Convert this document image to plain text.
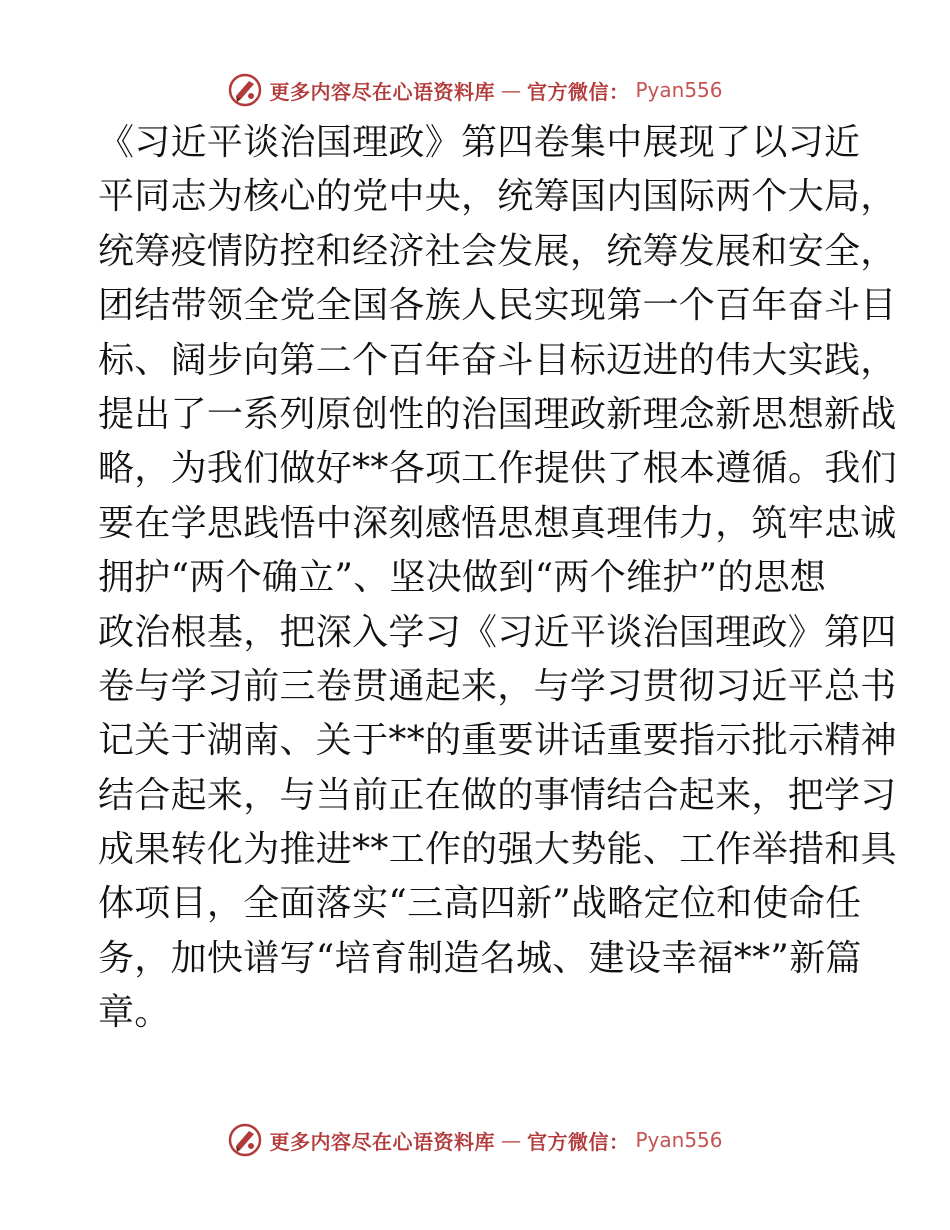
更多内容尽在心语资料库 — 官方微信： Pyan556
《习近平谈治国理政》第四卷集中展现了以习近
平同志为核心的党中央，统筹国内国际两个大局，
统筹疫情防控和经济社会发展，统筹发展和安全，
团结带领全党全国各族人民实现第一个百年奋斗目
标、阔步向第二个百年奋斗目标迈进的伟大实践，
提出了一系列原创性的治国理政新理念新思想新战
略，为我们做好**各项工作提供了根本遵循。我们
要在学思践悟中深刻感悟思想真理伟力，筑牢忠诚
拥护“两个确立”、坚决做到“两个维护”的思想
政治根基，把深入学习《习近平谈治国理政》第四
卷与学习前三卷贯通起来，与学习贯彻习近平总书
记关于湖南、关于**的重要讲话重要指示批示精神
结合起来，与当前正在做的事情结合起来，把学习
成果转化为推进**工作的强大势能、工作举措和具
体项目，全面落实“三高四新”战略定位和使命任
务，加快谱写“培育制造名城、建设幸福**”新篇
章。
更多内容尽在心语资料库 — 官方微信： Pyan556
